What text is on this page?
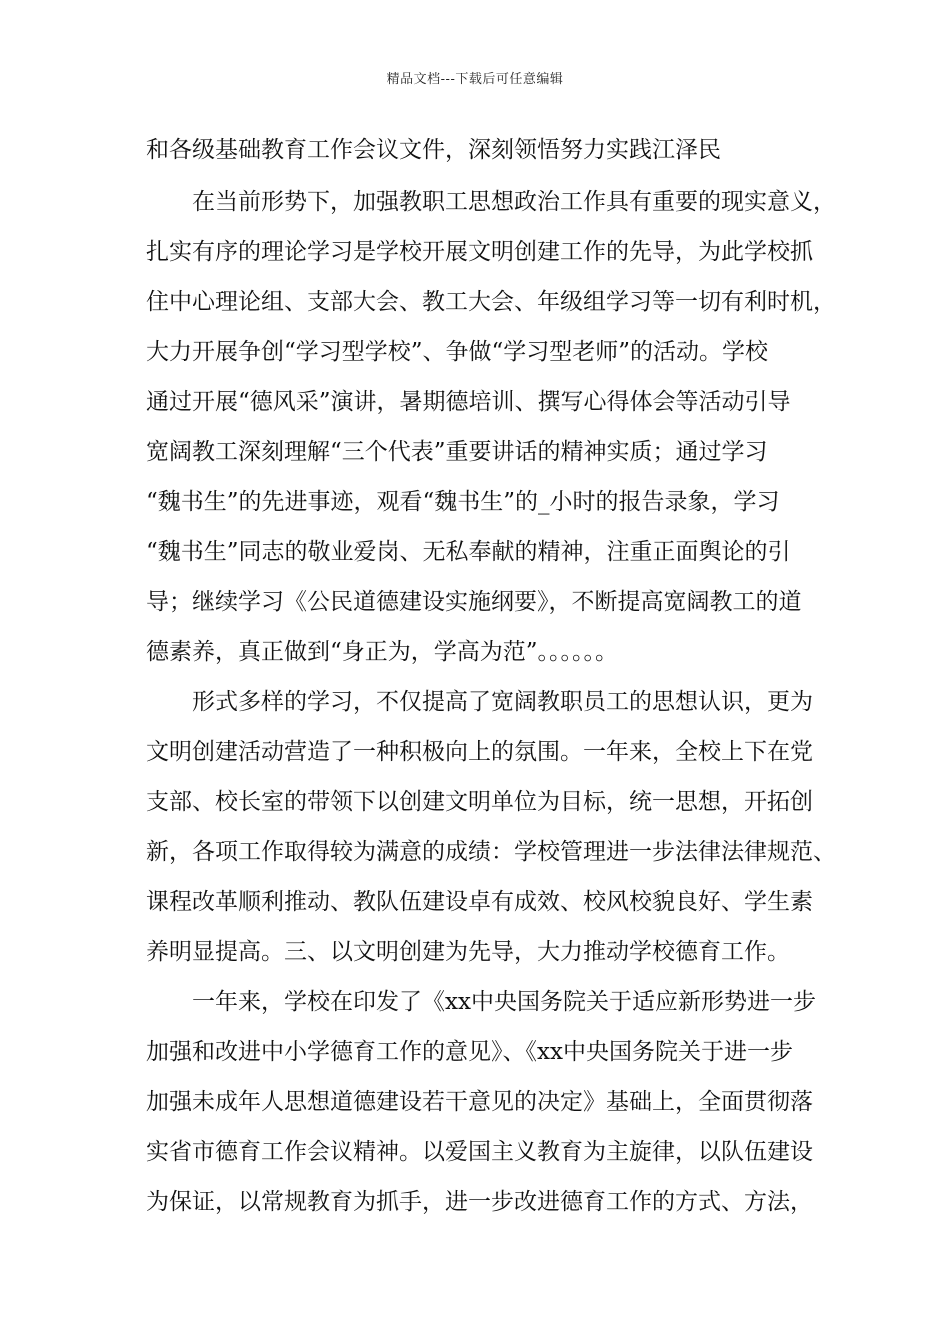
精品文档---下载后可任意编辑
和各级基础教育工作会议文件，深刻领悟努力实践江泽民
在当前形势下，加强教职工思想政治工作具有重要的现实意义，
扎实有序的理论学习是学校开展文明创建工作的先导，为此学校抓
住中心理论组、支部大会、教工大会、年级组学习等一切有利时机，
大力开展争创“学习型学校”、争做“学习型老师”的活动。学校
通过开展“德风采”演讲，暑期德培训、撰写心得体会等活动引导
宽阔教工深刻理解“三个代表”重要讲话的精神实质；通过学习
“魏书生”的先进事迹，观看“魏书生”的_小时的报告录象，学习
“魏书生”同志的敬业爱岗、无私奉献的精神，注重正面舆论的引
导；继续学习《公民道德建设实施纲要》，不断提高宽阔教工的道
德素养，真正做到“身正为，学高为范”。。。。。。
形式多样的学习，不仅提高了宽阔教职员工的思想认识，更为
文明创建活动营造了一种积极向上的氛围。一年来，全校上下在党
支部、校长室的带领下以创建文明单位为目标，统一思想，开拓创
新，各项工作取得较为满意的成绩：学校管理进一步法律法律规范、
课程改革顺利推动、教队伍建设卓有成效、校风校貌良好、学生素
养明显提高。三、以文明创建为先导，大力推动学校德育工作。
一年来，学校在印发了《xx中央国务院关于适应新形势进一步
加强和改进中小学德育工作的意见》、《xx中央国务院关于进一步
加强未成年人思想道德建设若干意见的决定》基础上，全面贯彻落
实省市德育工作会议精神。以爱国主义教育为主旋律，以队伍建设
为保证，以常规教育为抓手，进一步改进德育工作的方式、方法，
